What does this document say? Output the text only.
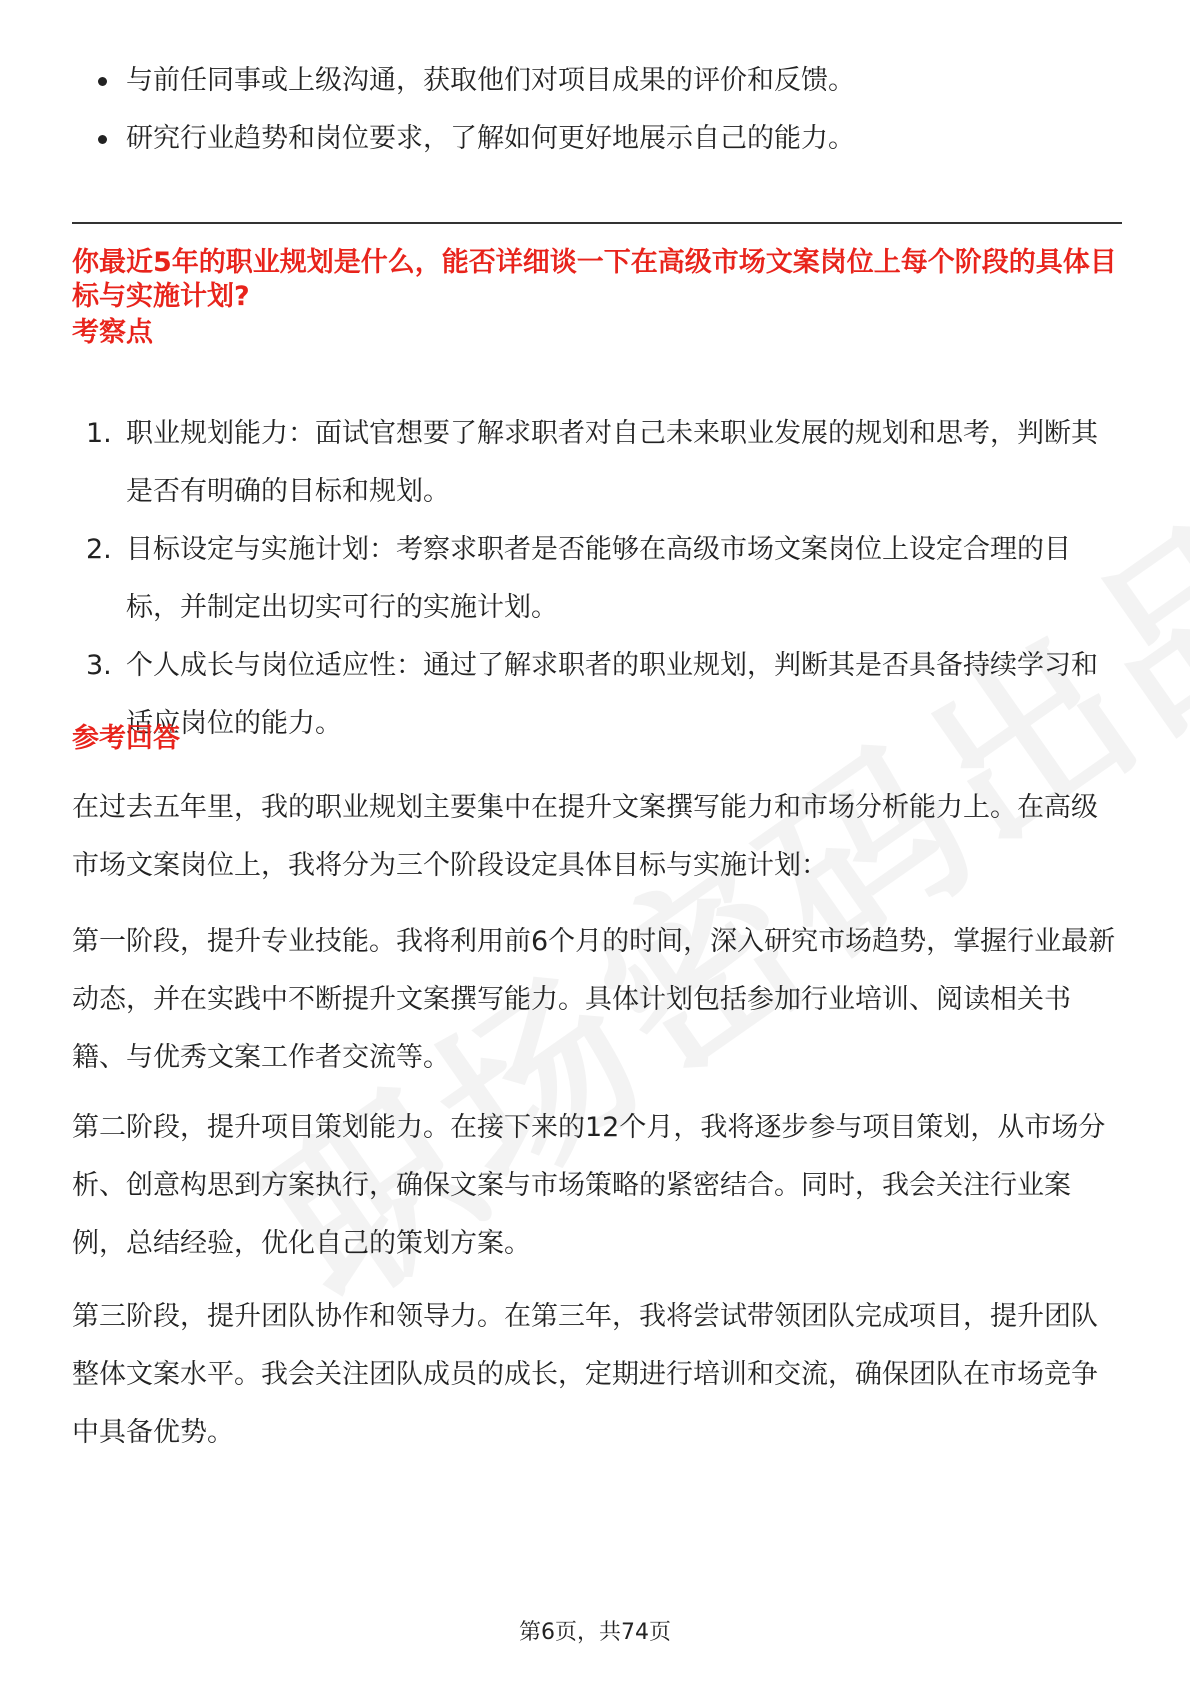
与前任同事或上级沟通，获取他们对项目成果的评价和反馈。
研究行业趋势和岗位要求，了解如何更好地展示自己的能力。
你最近5年的职业规划是什么，能否详细谈一下在高级市场文案岗位上每个阶段的具体目标与实施计划?
考察点
1. 职业规划能力：面试官想要了解求职者对自己未来职业发展的规划和思考，判断其是否有明确的目标和规划。
2. 目标设定与实施计划：考察求职者是否能够在高级市场文案岗位上设定合理的目标，并制定出切实可行的实施计划。
3. 个人成长与岗位适应性：通过了解求职者的职业规划，判断其是否具备持续学习和适应岗位的能力。
参考回答

在过去五年里，我的职业规划主要集中在提升文案撰写能力和市场分析能力上。在高级市场文案岗位上，我将分为三个阶段设定具体目标与实施计划：

第一阶段，提升专业技能。我将利用前6个月的时间，深入研究市场趋势，掌握行业最新动态，并在实践中不断提升文案撰写能力。具体计划包括参加行业培训、阅读相关书籍、与优秀文案工作者交流等。

第二阶段，提升项目策划能力。在接下来的12个月，我将逐步参与项目策划，从市场分析、创意构思到方案执行，确保文案与市场策略的紧密结合。同时，我会关注行业案例，总结经验，优化自己的策划方案。

第三阶段，提升团队协作和领导力。在第三年，我将尝试带领团队完成项目，提升团队整体文案水平。我会关注团队成员的成长，定期进行培训和交流，确保团队在市场竞争中具备优势。

第6页，共74页
